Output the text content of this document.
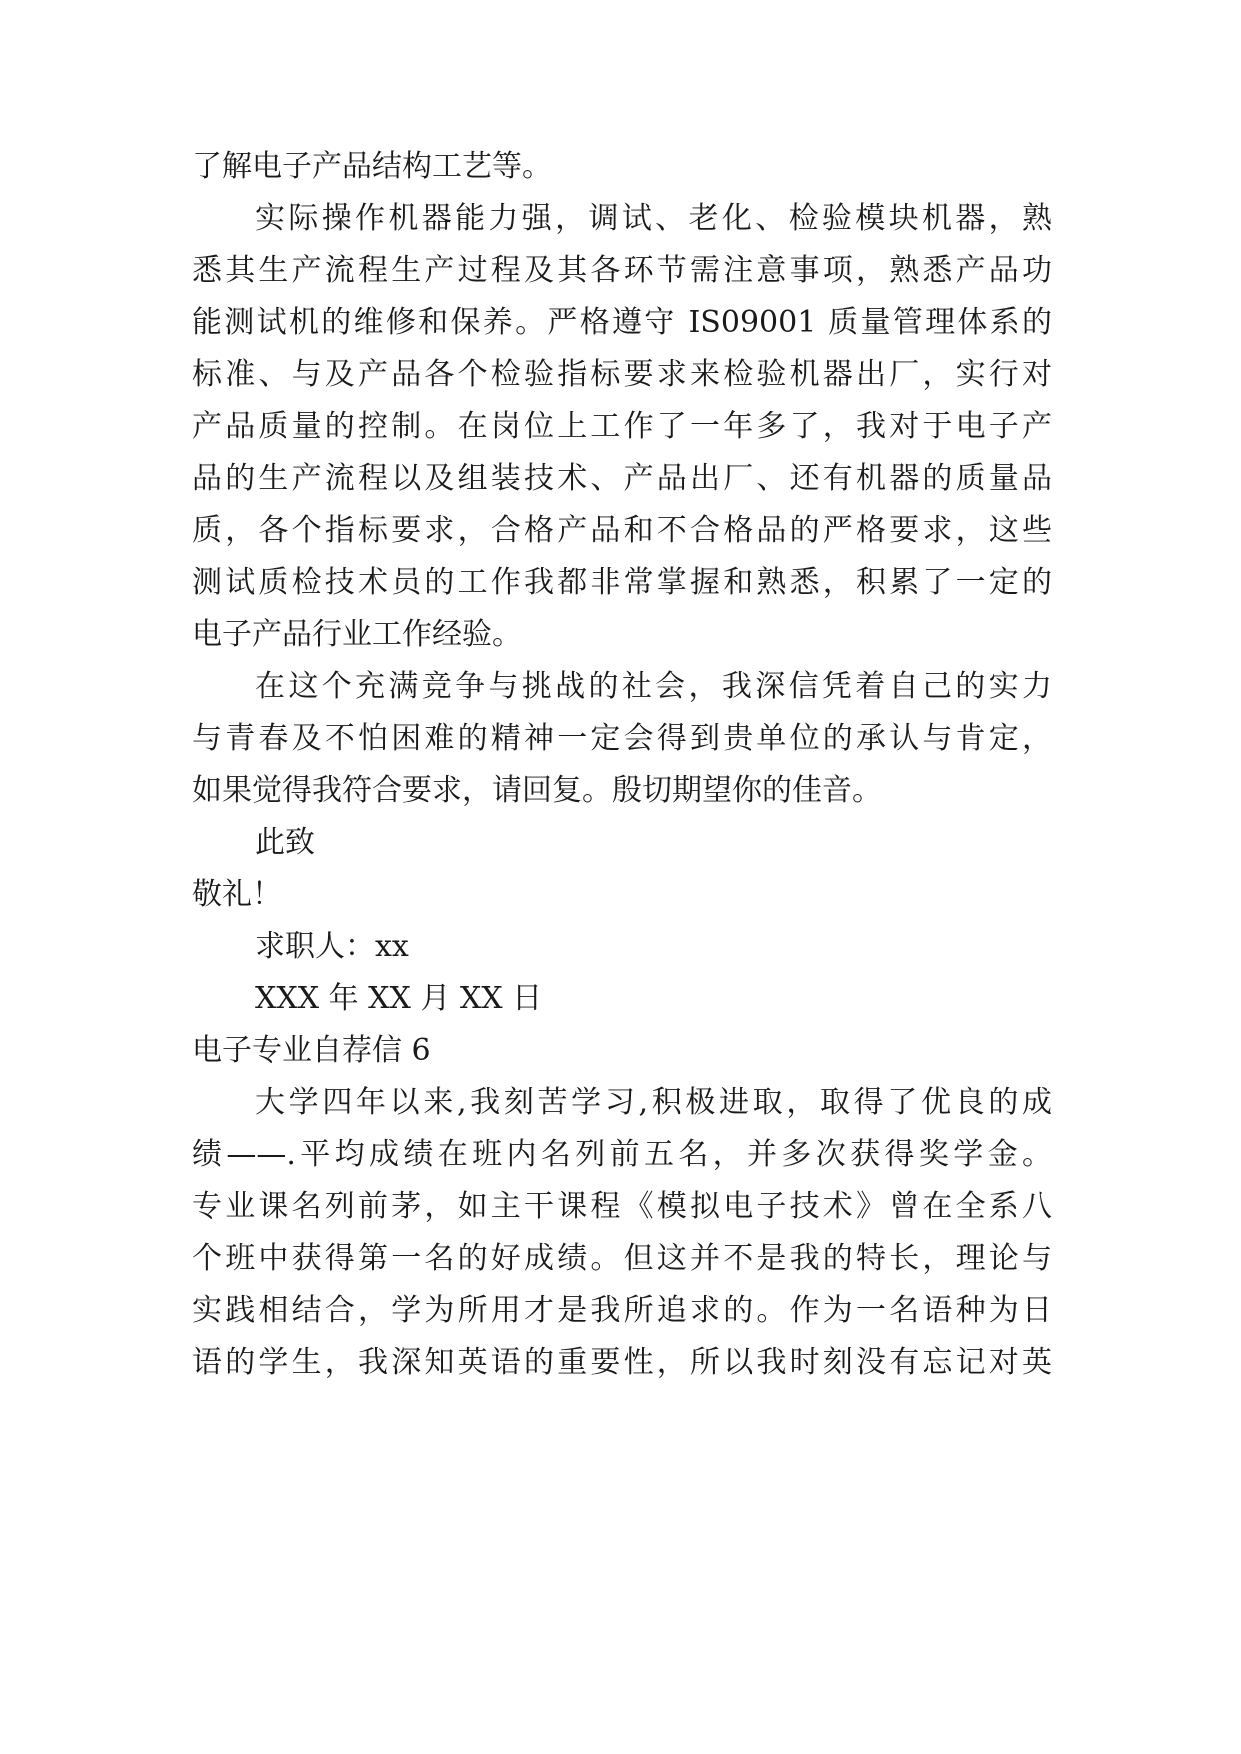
了解电子产品结构工艺等。
实际操作机器能力强，调试、老化、检验模块机器，熟
悉其生产流程生产过程及其各环节需注意事项，熟悉产品功
能测试机的维修和保养。严格遵守 IS09001 质量管理体系的
标准、与及产品各个检验指标要求来检验机器出厂，实行对
产品质量的控制。在岗位上工作了一年多了，我对于电子产
品的生产流程以及组装技术、产品出厂、还有机器的质量品
质，各个指标要求，合格产品和不合格品的严格要求，这些
测试质检技术员的工作我都非常掌握和熟悉，积累了一定的
电子产品行业工作经验。
在这个充满竞争与挑战的社会，我深信凭着自己的实力
与青春及不怕困难的精神一定会得到贵单位的承认与肯定，
如果觉得我符合要求，请回复。殷切期望你的佳音。
此致
敬礼！
求职人：xx
XXX 年 XX 月 XX 日
电子专业自荐信 6
大学四年以来,我刻苦学习,积极进取，取得了优良的成
绩——.平均成绩在班内名列前五名，并多次获得奖学金。
专业课名列前茅，如主干课程《模拟电子技术》曾在全系八
个班中获得第一名的好成绩。但这并不是我的特长，理论与
实践相结合，学为所用才是我所追求的。作为一名语种为日
语的学生，我深知英语的重要性，所以我时刻没有忘记对英
